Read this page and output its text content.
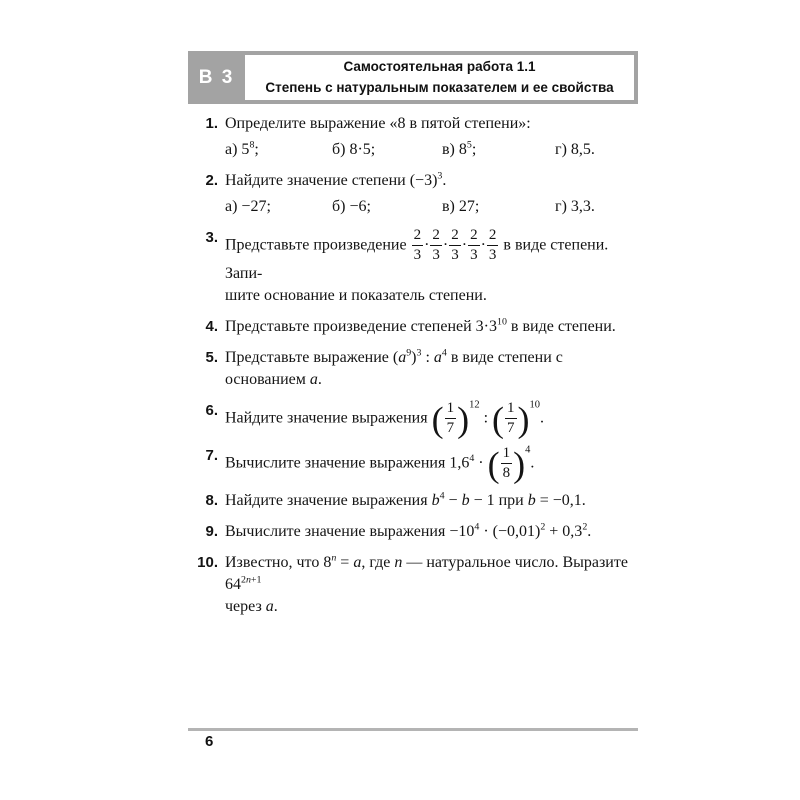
В 3
Самостоятельная работа 1.1
Степень с натуральным показателем и ее свойства
1. Определите выражение «8 в пятой степени»:
а) $5^8$;	б) 8·5;	в) $8^5$;	г) 8,5.
2. Найдите значение степени $(-3)^3$.
а) −27;	б) −6;	в) 27;	г) 3,3.
3. Представьте произведение $\frac{2}{3} \cdot \frac{2}{3} \cdot \frac{2}{3} \cdot \frac{2}{3} \cdot \frac{2}{3}$ в виде степени. Запи-
шите основание и показатель степени.
4. Представьте произведение степеней $3\cdot 3^{10}$ в виде степени.
5. Представьте выражение $(a^9)^3$ : $a^4$ в виде степени с основанием a.
6. Найдите значение выражения ( $\frac{1}{7} )^{12}$ : ( $\frac{1}{7} )^{10}$.
7. Вычислите значение выражения $1,6^4$ · ( $\frac{1}{8} )^4$.
8. Найдите значение выражения $b^4 - b - 1$ при b = −0,1.
9. Вычислите значение выражения $-10^4 \cdot (-0,01)^2 + 0,3^2$.
10. Известно, что $8^n = a$, где n — натуральное число. Выразите $64^{2n+1}$
через a.
6
